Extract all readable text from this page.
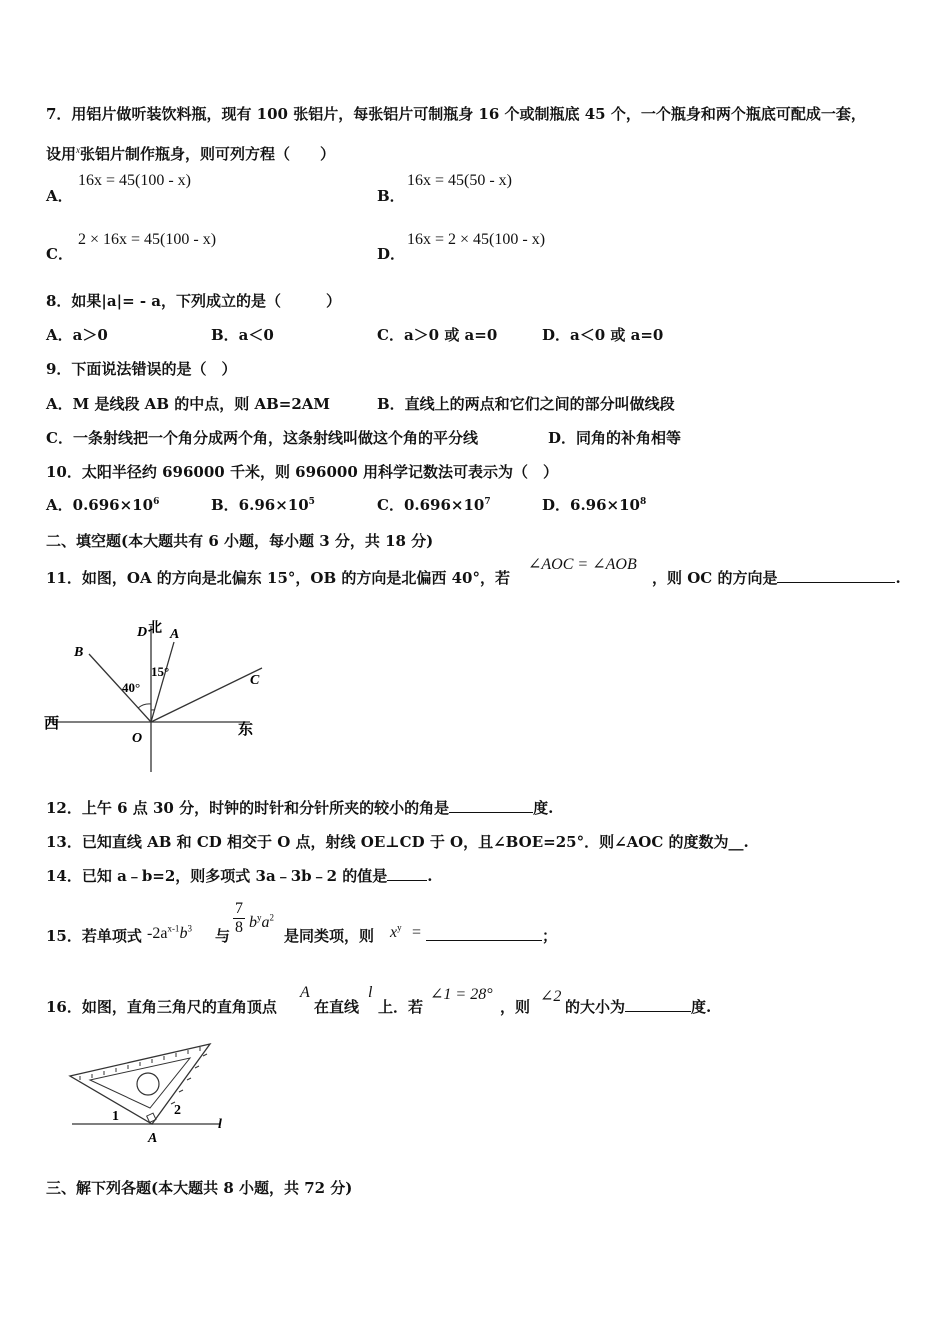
7．用铝片做听装饮料瓶，现有 100 张铝片，每张铝片可制瓶身 16 个或制瓶底 45 个，一个瓶身和两个瓶底可配成一套，
设用$^x$张铝片制作瓶身，则可列方程（　　）
A．
16x = 45(100 - x)
B．
16x = 45(50 - x)
C．
2 × 16x = 45(100 - x)
D．
16x = 2 × 45(100 - x)
8．如果|a|= - a，下列成立的是（　　　）
A．a＞0	B．a＜0	C．a＞0 或 a=0	D．a＜0 或 a=0
9．下面说法错误的是（　）
A．M 是线段 AB 的中点，则 AB=2AM	B．直线上的两点和它们之间的部分叫做线段
C．一条射线把一个角分成两个角，这条射线叫做这个角的平分线	D．同角的补角相等
10．太阳半径约 696000 千米，则 696000 用科学记数法可表示为（　）
A．$0.696\times 10^6$	B．$6.96\times 10^5$	C．$0.696\times 10^7$	D．$6.96\times 10^8$
二、填空题(本大题共有 6 小题，每小题 3 分，共 18 分)
11．如图，OA 的方向是北偏东 15°，OB 的方向是北偏西 40°，若
∠AOC = ∠AOB
，则 OC 的方向是	.
北
D A
B
C
15°
40°
O
西	东
12．上午 6 点 30 分，时钟的时针和分针所夹的较小的角是	度.
13．已知直线 AB 和 CD 相交于 O 点，射线 OE⊥CD 于 O，且∠BOE=25°．则∠AOC 的度数为__.
14．已知 a﹣b=2，则多项式 3a﹣3b﹣2 的值是	.
15．若单项式 $-2a^{x-1}b^3$ 与
7
8 $b^ya^2$
是同类项，则 $x^y$ =	；
16．如图，直角三角尺的直角顶点
A
在直线
l
上．若
∠1 = 28°
，则
∠2
的大小为	度.
1	2
A
l
三、解下列各题(本大题共 8 小题，共 72 分)
